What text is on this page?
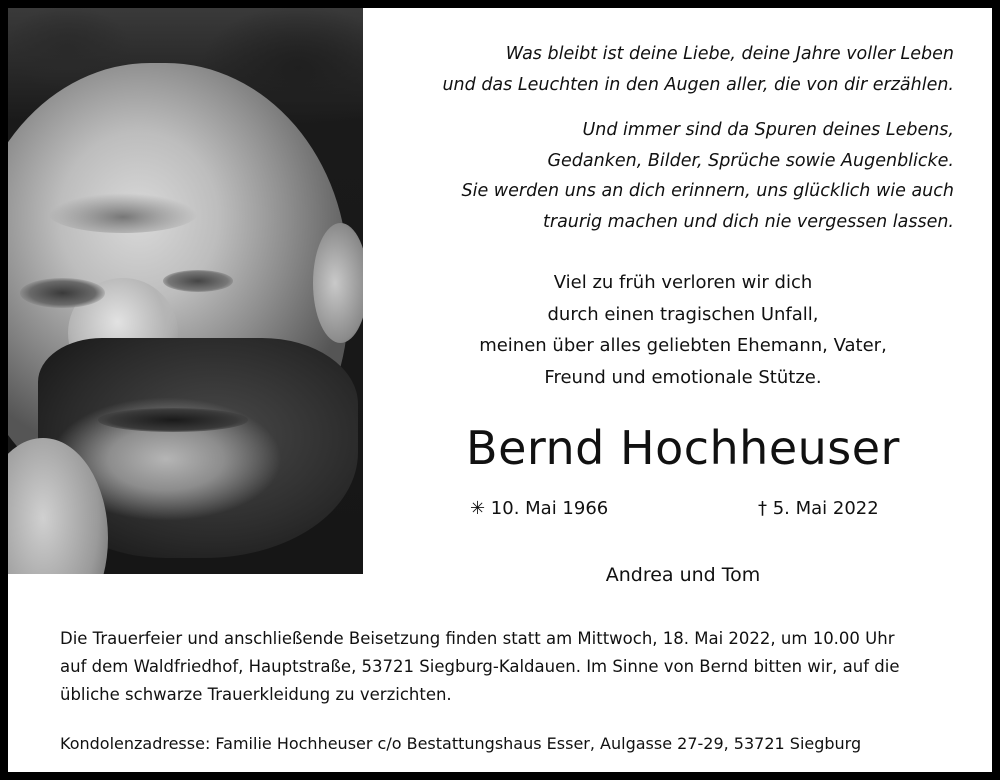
Was bleibt ist deine Liebe, deine Jahre voller Leben
und das Leuchten in den Augen aller, die von dir erzählen.

Und immer sind da Spuren deines Lebens,
Gedanken, Bilder, Sprüche sowie Augenblicke.
Sie werden uns an dich erinnern, uns glücklich wie auch
traurig machen und dich nie vergessen lassen.

Viel zu früh verloren wir dich
durch einen tragischen Unfall,
meinen über alles geliebten Ehemann, Vater,
Freund und emotionale Stütze.

Bernd Hochheuser
✳ 10. Mai 1966	† 5. Mai 2022

Andrea und Tom

Die Trauerfeier und anschließende Beisetzung finden statt am Mittwoch, 18. Mai 2022, um 10.00 Uhr
auf dem Waldfriedhof, Hauptstraße, 53721 Siegburg-Kaldauen. Im Sinne von Bernd bitten wir, auf die
übliche schwarze Trauerkleidung zu verzichten.

Kondolenzadresse: Familie Hochheuser c/o Bestattungshaus Esser, Aulgasse 27-29, 53721 Siegburg
